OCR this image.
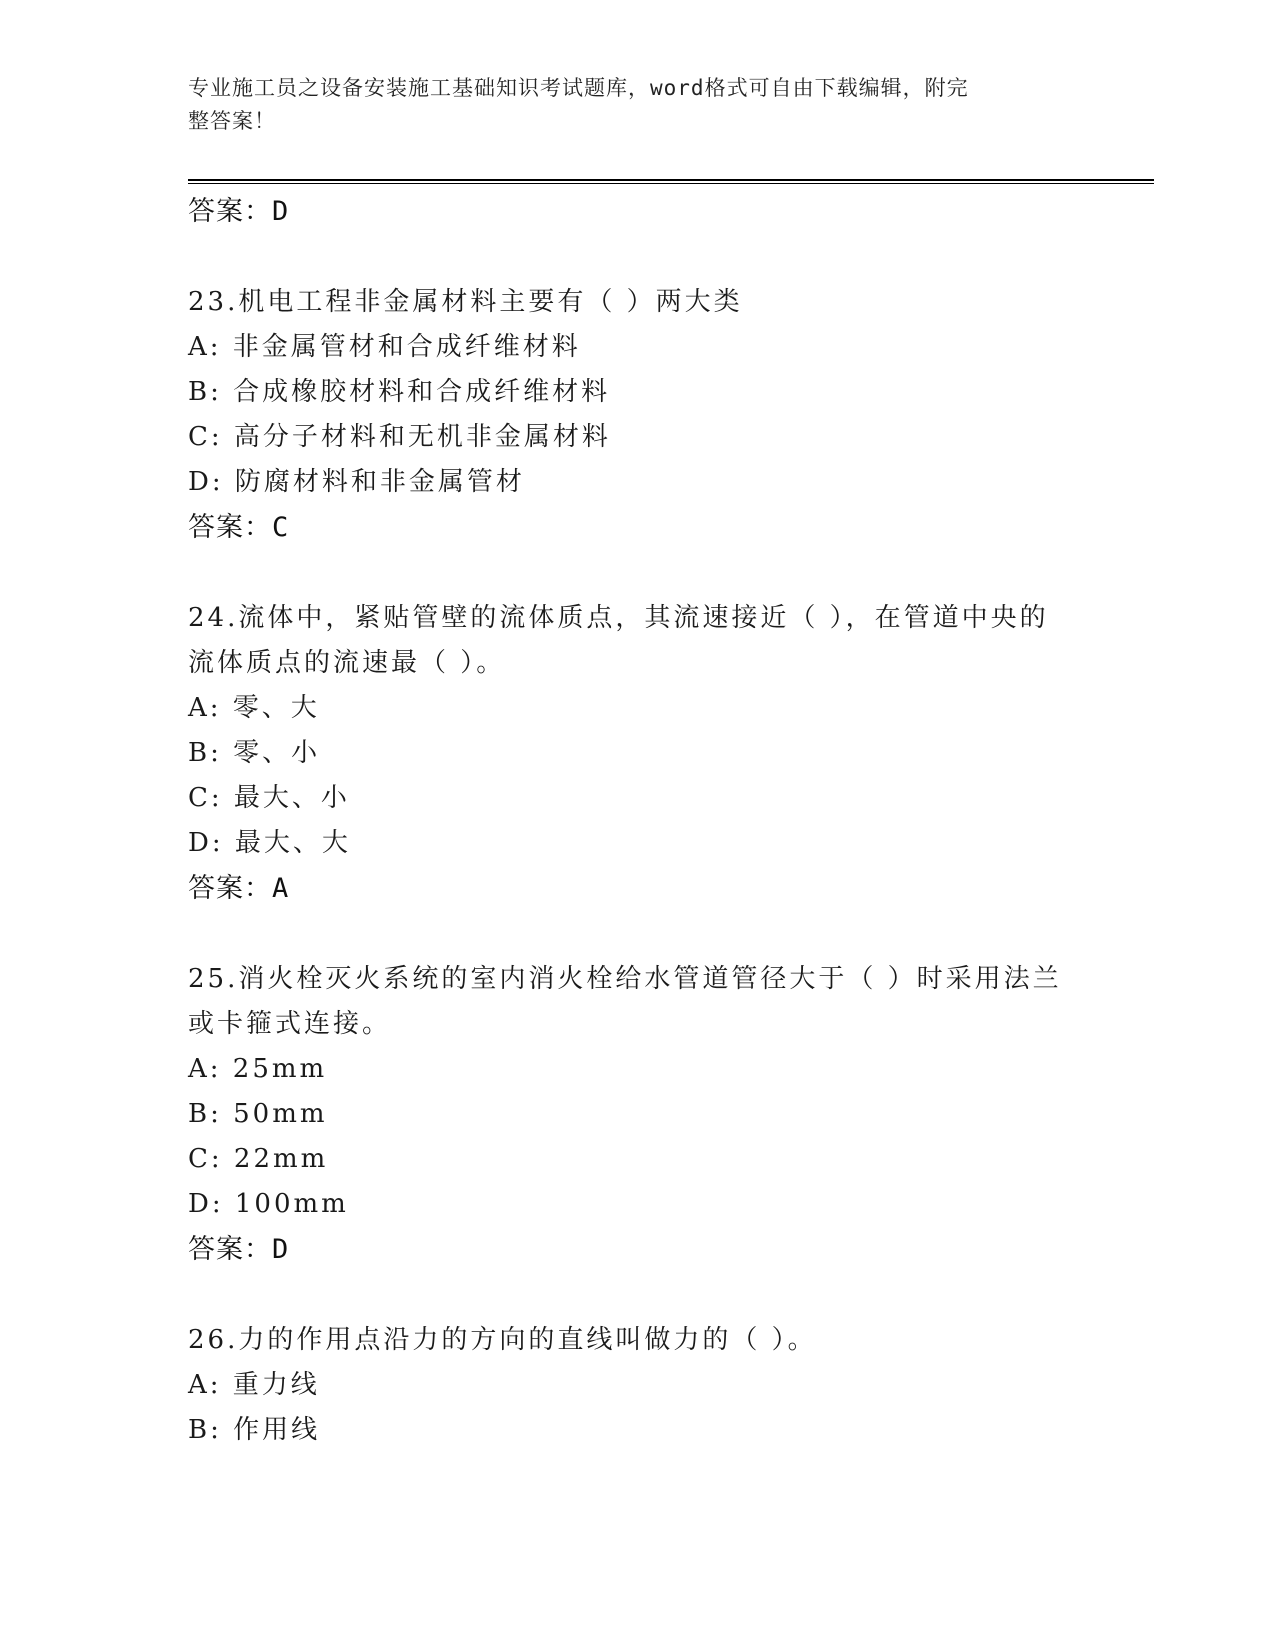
专业施工员之设备安装施工基础知识考试题库，word格式可自由下载编辑，附完
整答案！
答案：D
23.机电工程非金属材料主要有（ ）两大类
A: 非金属管材和合成纤维材料
B: 合成橡胶材料和合成纤维材料
C: 高分子材料和无机非金属材料
D: 防腐材料和非金属管材
答案：C
24.流体中，紧贴管壁的流体质点，其流速接近（ ），在管道中央的
流体质点的流速最（ ）。
A: 零、大
B: 零、小
C: 最大、小
D: 最大、大
答案：A
25.消火栓灭火系统的室内消火栓给水管道管径大于（ ）时采用法兰
或卡箍式连接。
A: 25mm
B: 50mm
C: 22mm
D: 100mm
答案：D
26.力的作用点沿力的方向的直线叫做力的（ ）。
A: 重力线
B: 作用线
